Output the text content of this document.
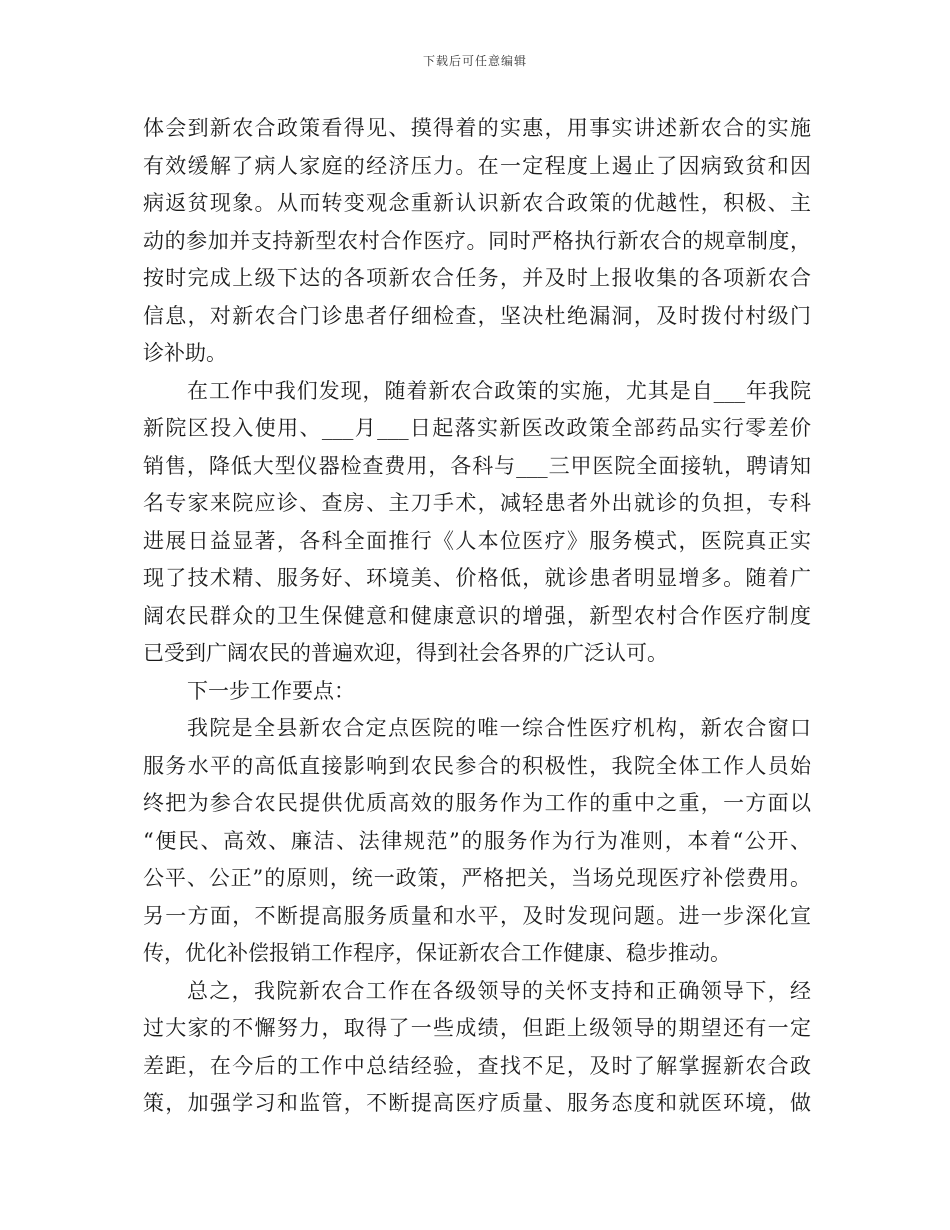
下载后可任意编辑
体会到新农合政策看得见、摸得着的实惠，用事实讲述新农合的实施
有效缓解了病人家庭的经济压力。在一定程度上遏止了因病致贫和因
病返贫现象。从而转变观念重新认识新农合政策的优越性，积极、主
动的参加并支持新型农村合作医疗。同时严格执行新农合的规章制度，
按时完成上级下达的各项新农合任务，并及时上报收集的各项新农合
信息，对新农合门诊患者仔细检查，坚决杜绝漏洞，及时拨付村级门
诊补助。
在工作中我们发现，随着新农合政策的实施，尤其是自___年我院
新院区投入使用、___月___日起落实新医改政策全部药品实行零差价
销售，降低大型仪器检查费用，各科与___三甲医院全面接轨，聘请知
名专家来院应诊、查房、主刀手术，减轻患者外出就诊的负担，专科
进展日益显著，各科全面推行《人本位医疗》服务模式，医院真正实
现了技术精、服务好、环境美、价格低，就诊患者明显增多。随着广
阔农民群众的卫生保健意和健康意识的增强，新型农村合作医疗制度
已受到广阔农民的普遍欢迎，得到社会各界的广泛认可。
下一步工作要点：
我院是全县新农合定点医院的唯一综合性医疗机构，新农合窗口
服务水平的高低直接影响到农民参合的积极性，我院全体工作人员始
终把为参合农民提供优质高效的服务作为工作的重中之重，一方面以
“便民、高效、廉洁、法律规范”的服务作为行为准则，本着“公开、
公平、公正”的原则，统一政策，严格把关，当场兑现医疗补偿费用。
另一方面，不断提高服务质量和水平，及时发现问题。进一步深化宣
传，优化补偿报销工作程序，保证新农合工作健康、稳步推动。
总之，我院新农合工作在各级领导的关怀支持和正确领导下，经
过大家的不懈努力，取得了一些成绩，但距上级领导的期望还有一定
差距，在今后的工作中总结经验，查找不足，及时了解掌握新农合政
策，加强学习和监管，不断提高医疗质量、服务态度和就医环境，做
